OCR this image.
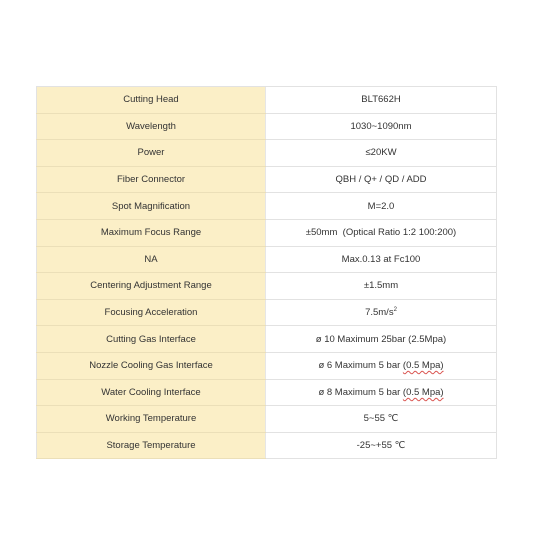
Cutting Head	BLT662H
Wavelength	1030~1090nm
Power	≤20KW
Fiber Connector	QBH / Q+ / QD / ADD
Spot Magnification	M=2.0
Maximum Focus Range	±50mm  (Optical Ratio 1:2 100:200)
NA	Max.0.13 at Fc100
Centering Adjustment Range	±1.5mm
Focusing Acceleration	$7.5m/s^2$
Cutting Gas Interface	ø 10 Maximum 25bar (2.5Mpa)
Nozzle Cooling Gas Interface	ø 6 Maximum 5 bar (0.5 Mpa)
Water Cooling Interface	ø 8 Maximum 5 bar (0.5 Mpa)
Working Temperature	5~55 ℃
Storage Temperature	-25~+55 ℃
